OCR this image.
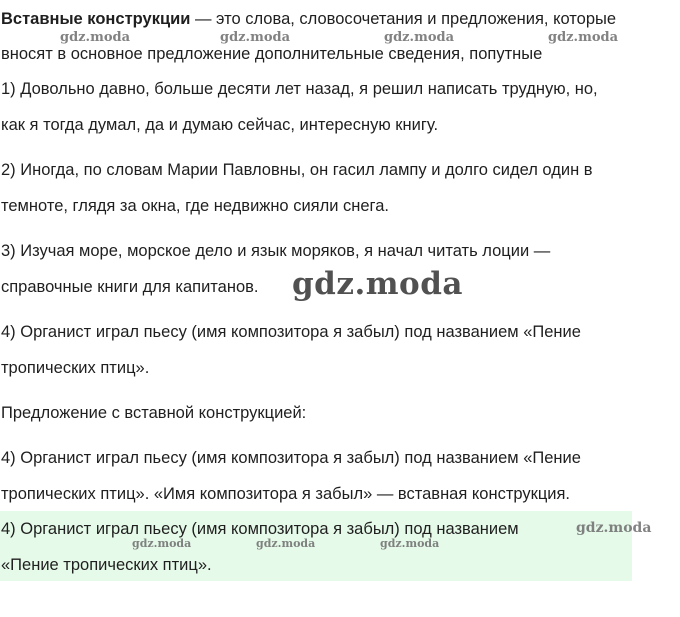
Вставные конструкции — это слова, словосочетания и предложения, которые
вносят в основное предложение дополнительные сведения, попутные
1) Довольно давно, больше десяти лет назад, я решил написать трудную, но,
как я тогда думал, да и думаю сейчас, интересную книгу.
2) Иногда, по словам Марии Павловны, он гасил лампу и долго сидел один в
темноте, глядя за окна, где недвижно сияли снега.
3) Изучая море, морское дело и язык моряков, я начал читать лоции —
справочные книги для капитанов.
4) Органист играл пьесу (имя композитора я забыл) под названием «Пение
тропических птиц».
Предложение с вставной конструкцией:
4) Органист играл пьесу (имя композитора я забыл) под названием «Пение
тропических птиц». «Имя композитора я забыл» — вставная конструкция.
4) Органист играл пьесу (имя композитора я забыл) под названием
«Пение тропических птиц».
gdz.moda	gdz.moda	gdz.moda	gdz.moda
gdz.moda
gdz.moda
gdz.moda	gdz.moda	gdz.moda
